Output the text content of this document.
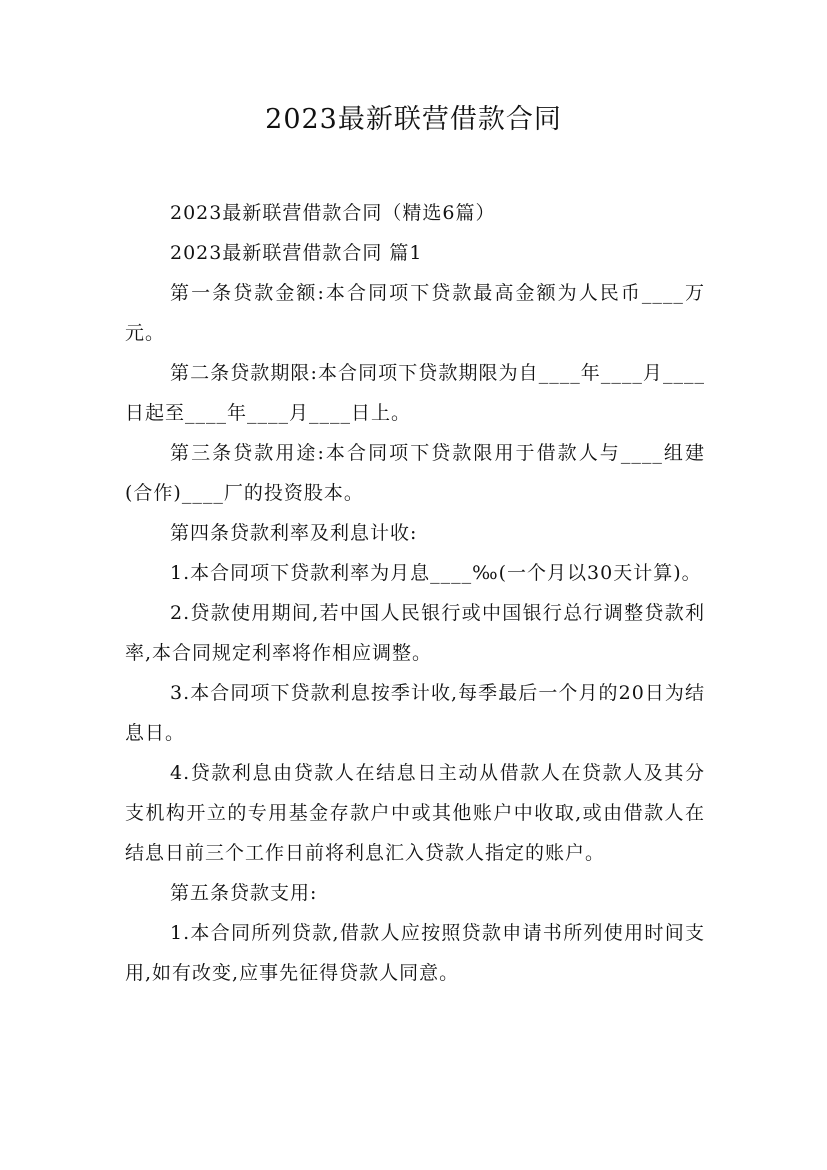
2023最新联营借款合同

2023最新联营借款合同（精选6篇）

2023最新联营借款合同 篇1

第一条贷款金额:本合同项下贷款最高金额为人民币____万元。

第二条贷款期限:本合同项下贷款期限为自____年____月____日起至____年____月____日上。

第三条贷款用途:本合同项下贷款限用于借款人与____组建(合作)____厂的投资股本。

第四条贷款利率及利息计收:

1.本合同项下贷款利率为月息____‰(一个月以30天计算)。

2.贷款使用期间,若中国人民银行或中国银行总行调整贷款利率,本合同规定利率将作相应调整。

3.本合同项下贷款利息按季计收,每季最后一个月的20日为结息日。

4.贷款利息由贷款人在结息日主动从借款人在贷款人及其分支机构开立的专用基金存款户中或其他账户中收取,或由借款人在结息日前三个工作日前将利息汇入贷款人指定的账户。

第五条贷款支用:

1.本合同所列贷款,借款人应按照贷款申请书所列使用时间支用,如有改变,应事先征得贷款人同意。
